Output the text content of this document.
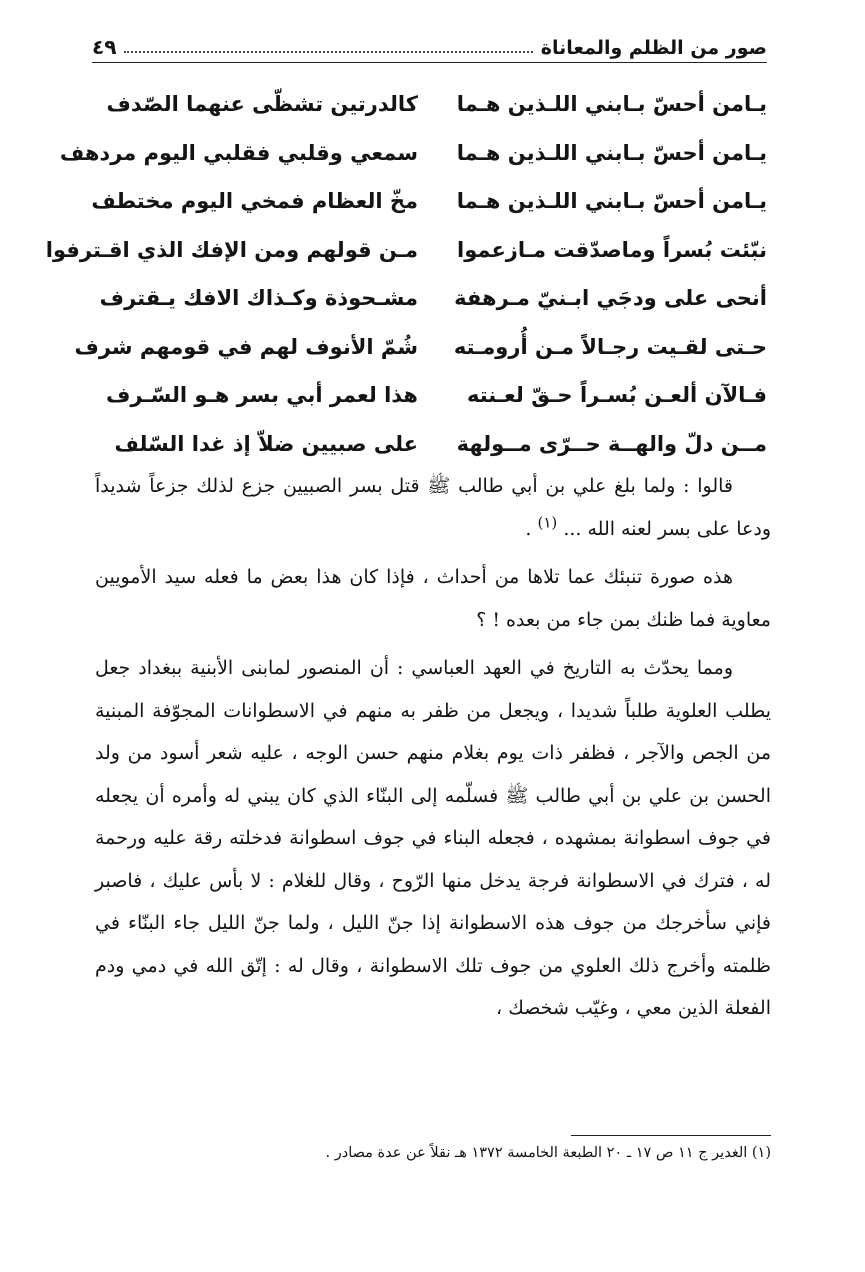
صور من الظلم والمعاناة
٤٩
يـامن أحسّ بـابني اللـذين هـما
كالدرتين تشظّى عنهما الصّدف
يـامن أحسّ بـابني اللـذين هـما
سمعي وقلبي فقلبي اليوم مردهف
يـامن أحسّ بـابني اللـذين هـما
مخّ العظام فمخي اليوم مختطف
نبّئت بُسراً وماصدّقت مـازعموا
مـن قولهم ومن الإفك الذي اقـترفوا
أنحى على ودجَي ابـنيّ مـرهفة
مشـحوذة وكـذاك الافك يـقترف
حـتى لقـيت رجـالاً مـن أُرومـته
شُمّ الأنوف لهم في قومهم شرف
فـالآن ألعـن بُسـراً حـقّ لعـنته
هذا لعمر أبي بسر هـو السّـرف
مــن دلّ والهــة حــرّى مــولهة
على صبيين ضلاّ إذ غدا السّلف

قالوا : ولما بلغ علي بن أبي طالب ﷺ قتل بسر الصبيين جزع لذلك جزعاً شديداً ودعا على بسر لعنه الله ... $^{(١)}$ .

هذه صورة تنبئك عما تلاها من أحداث ، فإذا كان هذا بعض ما فعله سيد الأمويين معاوية فما ظنك بمن جاء من بعده ! ؟

ومما يحدّث به التاريخ في العهد العباسي : أن المنصور لمابنى الأبنية ببغداد جعل يطلب العلوية طلباً شديدا ، ويجعل من ظفر به منهم في الاسطوانات المجوّفة المبنية من الجص والآجر ، فظفر ذات يوم بغلام منهم حسن الوجه ، عليه شعر أسود من ولد الحسن بن علي بن أبي طالب ﷺ فسلّمه إلى البنّاء الذي كان يبني له وأمره أن يجعله في جوف اسطوانة بمشهده ، فجعله البناء في جوف اسطوانة فدخلته رقة عليه ورحمة له ، فترك في الاسطوانة فرجة يدخل منها الرّوح ، وقال للغلام : لا بأس عليك ، فاصبر فإني سأخرجك من جوف هذه الاسطوانة إذا جنّ الليل ، ولما جنّ الليل جاء البنّاء في ظلمته وأخرج ذلك العلوي من جوف تلك الاسطوانة ، وقال له : إتّق الله في دمي ودم الفعلة الذين معي ، وغيّب شخصك ،

(١) الغدير ج ١١ ص ١٧ ـ ٢٠ الطبعة الخامسة ١٣٧٢ هـ نقلاً عن عدة مصادر .
